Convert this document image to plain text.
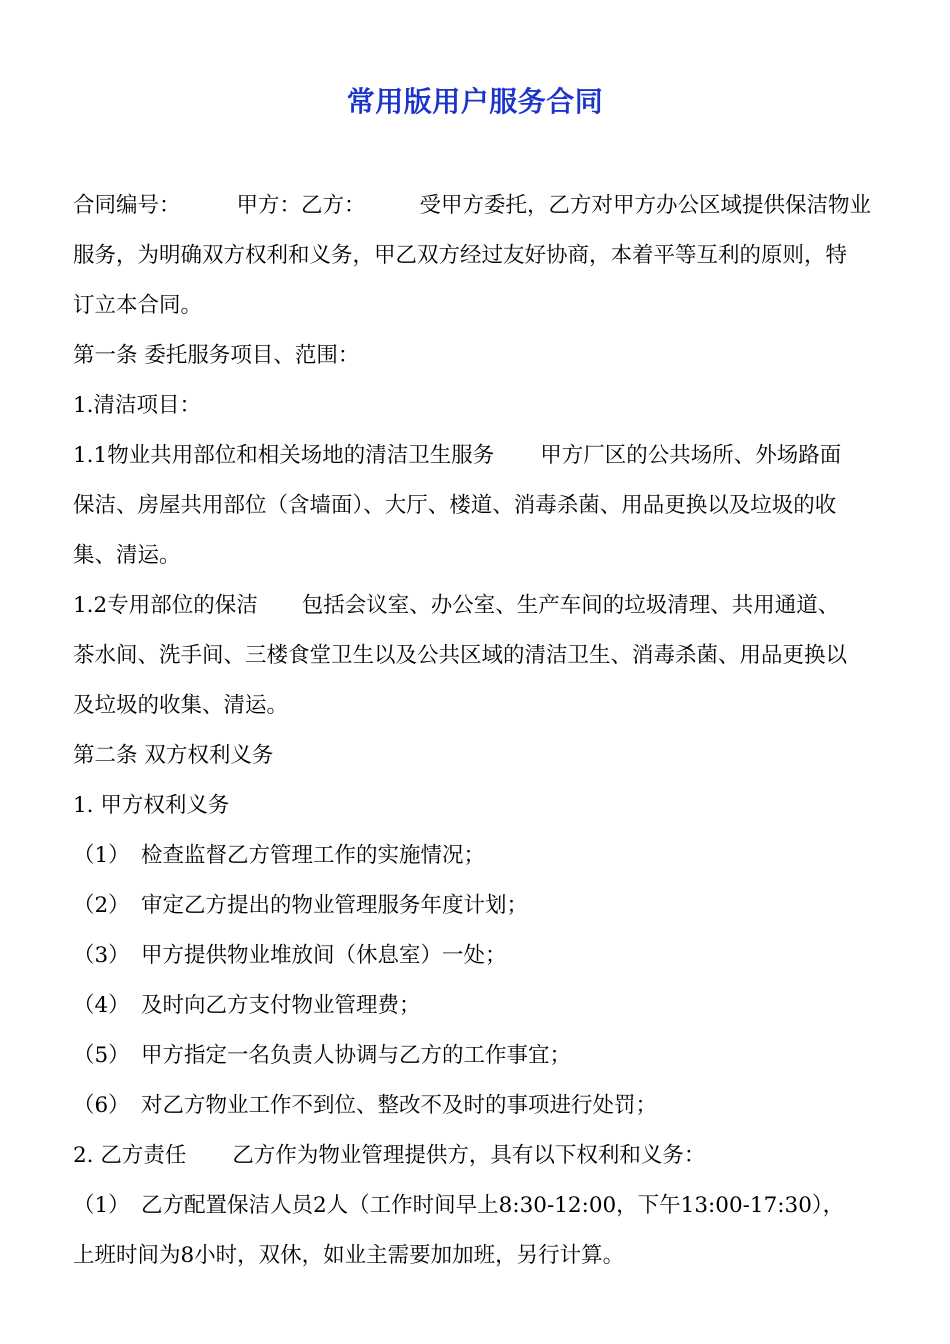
常用版用户服务合同

合同编号：	甲方：乙方：	受甲方委托，乙方对甲方办公区域提供保洁物业

服务，为明确双方权利和义务，甲乙双方经过友好协商，本着平等互利的原则，特

订立本合同。

第一条 委托服务项目、范围：

1.清洁项目：

1.1物业共用部位和相关场地的清洁卫生服务 甲方厂区的公共场所、外场路面

保洁、房屋共用部位（含墙面）、大厅、楼道、消毒杀菌、用品更换以及垃圾的收

集、清运。

1.2专用部位的保洁 包括会议室、办公室、生产车间的垃圾清理、共用通道、

茶水间、洗手间、三楼食堂卫生以及公共区域的清洁卫生、消毒杀菌、用品更换以

及垃圾的收集、清运。

第二条 双方权利义务

1. 甲方权利义务

（1） 检查监督乙方管理工作的实施情况；

（2） 审定乙方提出的物业管理服务年度计划；

（3） 甲方提供物业堆放间（休息室）一处；

（4） 及时向乙方支付物业管理费；

（5） 甲方指定一名负责人协调与乙方的工作事宜；

（6） 对乙方物业工作不到位、整改不及时的事项进行处罚；

2. 乙方责任 乙方作为物业管理提供方，具有以下权利和义务：

（1） 乙方配置保洁人员2人（工作时间早上8:30-12:00，下午13:00-17:30），

上班时间为8小时，双休，如业主需要加加班，另行计算。
